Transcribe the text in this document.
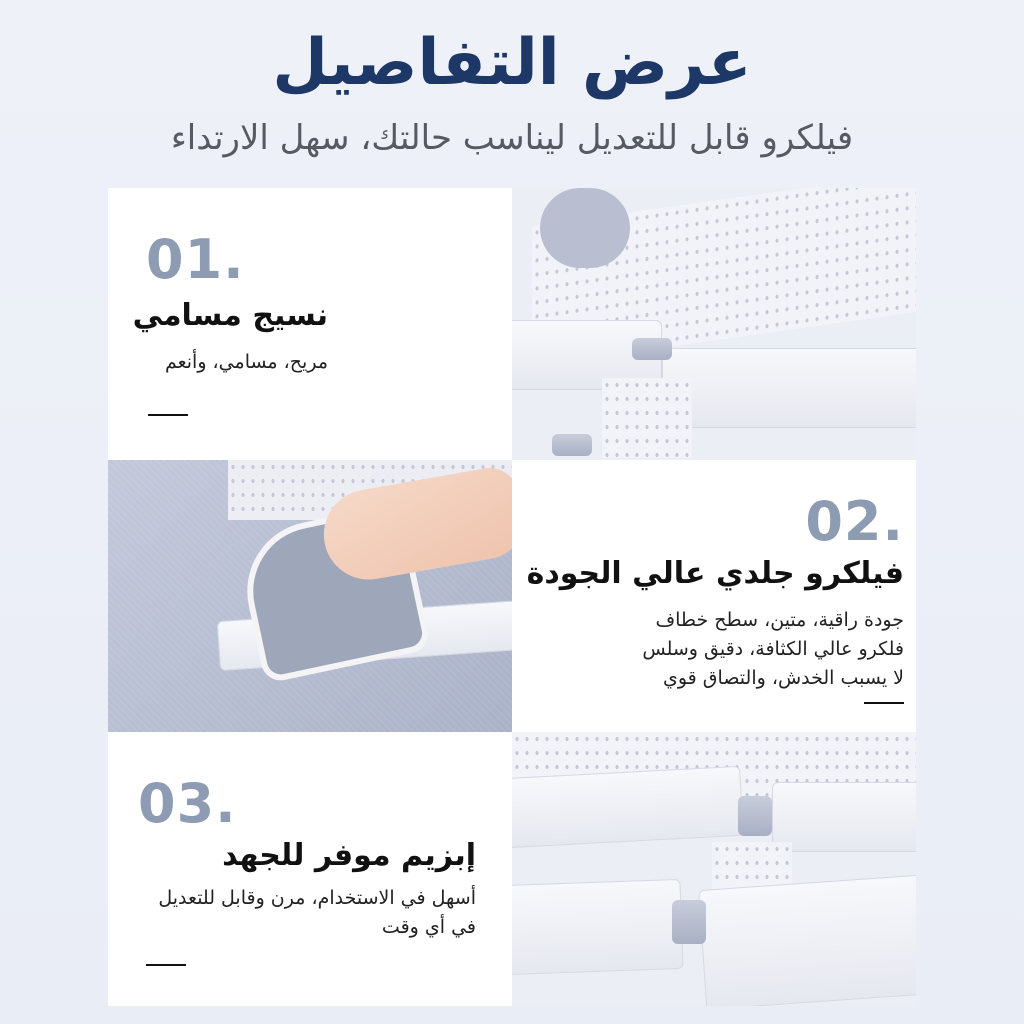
عرض التفاصيل
فيلكرو قابل للتعديل ليناسب حالتك، سهل الارتداء
01.
نسيج مسامي
مريح، مسامي، وأنعم
02.
فيلكرو جلدي عالي الجودة
جودة راقية، متين، سطح خطاف
فلكرو عالي الكثافة، دقيق وسلس
لا يسبب الخدش، والتصاق قوي
03.
إبزيم موفر للجهد
أسهل في الاستخدام، مرن وقابل للتعديل
في أي وقت
